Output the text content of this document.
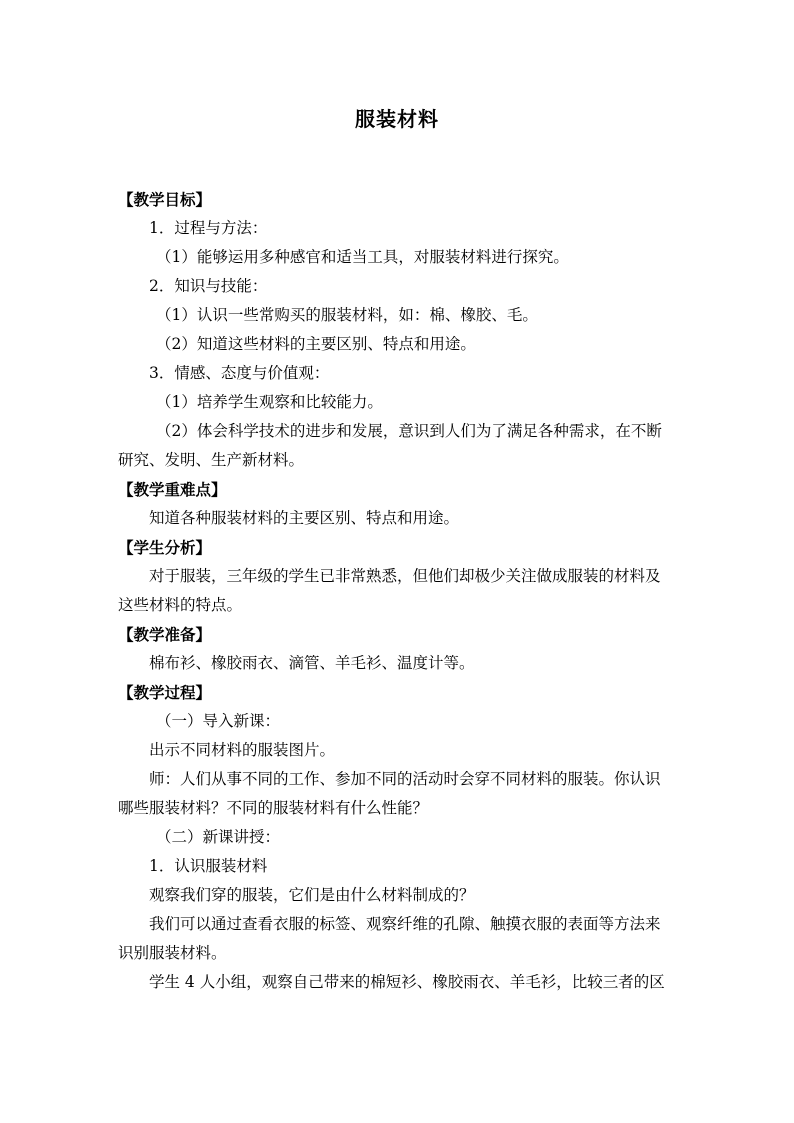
服装材料
【教学目标】
1．过程与方法：
（1）能够运用多种感官和适当工具，对服装材料进行探究。
2．知识与技能：
（1）认识一些常购买的服装材料，如：棉、橡胶、毛。
（2）知道这些材料的主要区别、特点和用途。
3．情感、态度与价值观：
（1）培养学生观察和比较能力。
（2）体会科学技术的进步和发展，意识到人们为了满足各种需求，在不断
研究、发明、生产新材料。
【教学重难点】
知道各种服装材料的主要区别、特点和用途。
【学生分析】
对于服装，三年级的学生已非常熟悉，但他们却极少关注做成服装的材料及
这些材料的特点。
【教学准备】
棉布衫、橡胶雨衣、滴管、羊毛衫、温度计等。
【教学过程】
（一）导入新课：
出示不同材料的服装图片。
师：人们从事不同的工作、参加不同的活动时会穿不同材料的服装。你认识
哪些服装材料？不同的服装材料有什么性能？
（二）新课讲授：
1．认识服装材料
观察我们穿的服装，它们是由什么材料制成的？
我们可以通过查看衣服的标签、观察纤维的孔隙、触摸衣服的表面等方法来
识别服装材料。
学生 4 人小组，观察自己带来的棉短衫、橡胶雨衣、羊毛衫，比较三者的区
